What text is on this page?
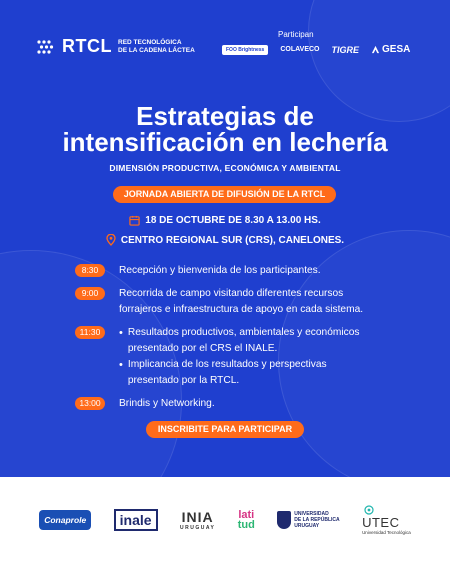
RTCL RED TECNOLÓGICA
DE LA CADENA LÁCTEA
Participan
FOO Brightness	COLAVECO TIGRE GESA
Estrategias de
intensificación en lechería
DIMENSIÓN PRODUCTIVA, ECONÓMICA Y AMBIENTAL
JORNADA ABIERTA DE DIFUSIÓN DE LA RTCL
18 DE OCTUBRE DE 8.30 A 13.00 HS.
CENTRO REGIONAL SUR (CRS), CANELONES.
8:30	Recepción y bienvenida de los participantes.
9:00	Recorrida de campo visitando diferentes recursos
forrajeros e infraestructura de apoyo en cada sistema.
11:30	• Resultados productivos, ambientales y económicos
presentado por el CRS el INALE.
• Implicancia de los resultados y perspectivas
presentado por la RTCL.
13:00	Brindis y Networking.
INSCRIBITE PARA PARTICIPAR
Conaprole	inale	INIA
URUGUAY
lati
tud
UNIVERSIDAD
DE LA REPÚBLICA
URUGUAY	UTEC
Universidad Tecnológica
